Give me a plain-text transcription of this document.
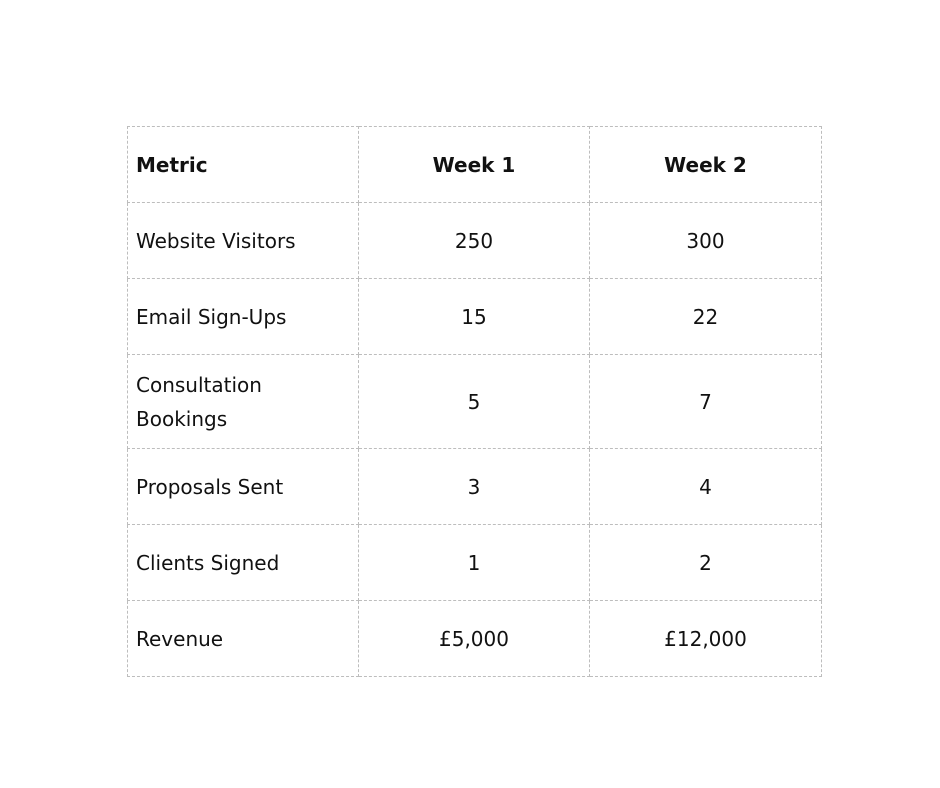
Metric	Week 1	Week 2
Website Visitors	250	300
Email Sign-Ups	15	22
Consultation Bookings	5	7
Proposals Sent	3	4
Clients Signed	1	2
Revenue	£5,000	£12,000
